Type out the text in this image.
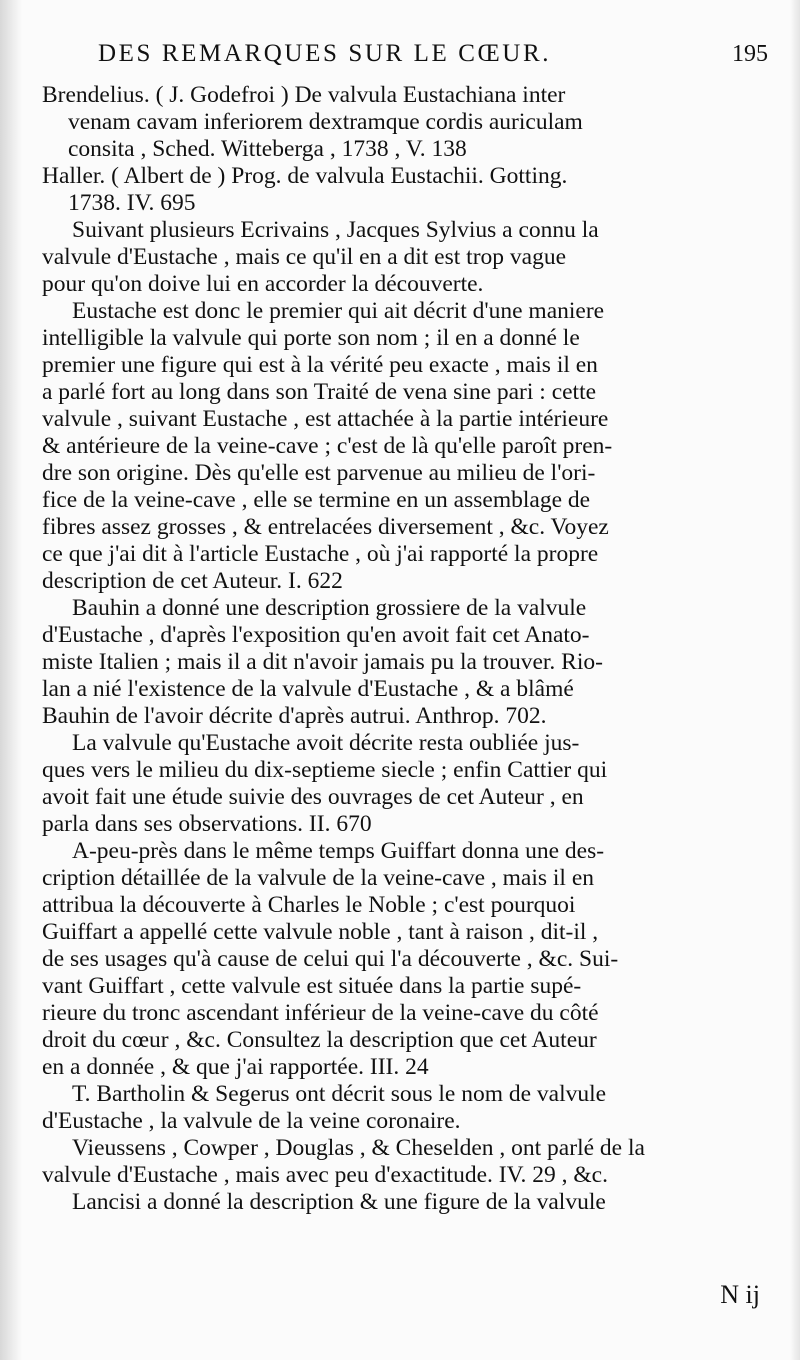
DES REMARQUES SUR LE CŒUR.	195
Brendelius. ( J. Godefroi ) De valvula Eustachiana inter
venam cavam inferiorem dextramque cordis auriculam
consita , Sched. Witteberga , 1738 , V. 138
Haller. ( Albert de ) Prog. de valvula Eustachii. Gotting.
1738. IV. 695
Suivant plusieurs Ecrivains , Jacques Sylvius a connu la
valvule d'Eustache , mais ce qu'il en a dit est trop vague
pour qu'on doive lui en accorder la découverte.
Eustache est donc le premier qui ait décrit d'une maniere
intelligible la valvule qui porte son nom ; il en a donné le
premier une figure qui est à la vérité peu exacte , mais il en
a parlé fort au long dans son Traité de vena sine pari : cette
valvule , suivant Eustache , est attachée à la partie intérieure
& antérieure de la veine-cave ; c'est de là qu'elle paroît pren-
dre son origine. Dès qu'elle est parvenue au milieu de l'ori-
fice de la veine-cave , elle se termine en un assemblage de
fibres assez grosses , & entrelacées diversement , &c. Voyez
ce que j'ai dit à l'article Eustache , où j'ai rapporté la propre
description de cet Auteur. I. 622
Bauhin a donné une description grossiere de la valvule
d'Eustache , d'après l'exposition qu'en avoit fait cet Anato-
miste Italien ; mais il a dit n'avoir jamais pu la trouver. Rio-
lan a nié l'existence de la valvule d'Eustache , & a blâmé
Bauhin de l'avoir décrite d'après autrui. Anthrop. 702.
La valvule qu'Eustache avoit décrite resta oubliée jus-
ques vers le milieu du dix-septieme siecle ; enfin Cattier qui
avoit fait une étude suivie des ouvrages de cet Auteur , en
parla dans ses observations. II. 670
A-peu-près dans le même temps Guiffart donna une des-
cription détaillée de la valvule de la veine-cave , mais il en
attribua la découverte à Charles le Noble ; c'est pourquoi
Guiffart a appellé cette valvule noble , tant à raison , dit-il ,
de ses usages qu'à cause de celui qui l'a découverte , &c. Sui-
vant Guiffart , cette valvule est située dans la partie supé-
rieure du tronc ascendant inférieur de la veine-cave du côté
droit du cœur , &c. Consultez la description que cet Auteur
en a donnée , & que j'ai rapportée. III. 24
T. Bartholin & Segerus ont décrit sous le nom de valvule
d'Eustache , la valvule de la veine coronaire.
Vieussens , Cowper , Douglas , & Cheselden , ont parlé de la
valvule d'Eustache , mais avec peu d'exactitude. IV. 29 , &c.
Lancisi a donné la description & une figure de la valvule
N ij
